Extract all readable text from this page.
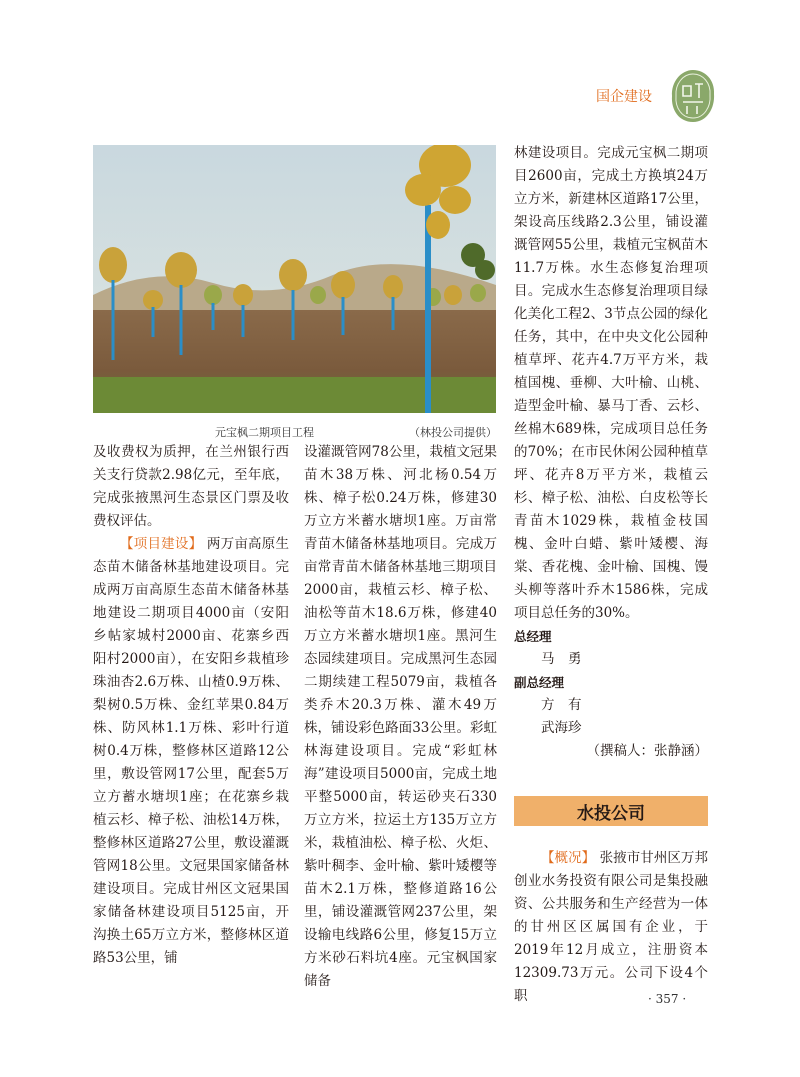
国企建设
元宝枫二期项目工程	（林投公司提供）

及收费权为质押，在兰州银行西关支行贷款2.98亿元，至年底，完成张掖黑河生态景区门票及收费权评估。

【项目建设】 两万亩高原生态苗木储备林基地建设项目。完成两万亩高原生态苗木储备林基地建设二期项目4000亩（安阳乡帖家城村2000亩、花寨乡西阳村2000亩），在安阳乡栽植珍珠油杏2.6万株、山楂0.9万株、梨树0.5万株、金红苹果0.84万株、防风林1.1万株、彩叶行道树0.4万株，整修林区道路12公里，敷设管网17公里，配套5万立方蓄水塘坝1座；在花寨乡栽植云杉、樟子松、油松14万株，整修林区道路27公里，敷设灌溉管网18公里。文冠果国家储备林建设项目。完成甘州区文冠果国家储备林建设项目5125亩，开沟换土65万立方米，整修林区道路53公里，铺

设灌溉管网78公里，栽植文冠果苗木38万株、河北杨0.54万株、樟子松0.24万株，修建30万立方米蓄水塘坝1座。万亩常青苗木储备林基地项目。完成万亩常青苗木储备林基地三期项目2000亩，栽植云杉、樟子松、油松等苗木18.6万株，修建40万立方米蓄水塘坝1座。黑河生态园续建项目。完成黑河生态园二期续建工程5079亩，栽植各类乔木20.3万株、灌木49万株，铺设彩色路面33公里。彩虹林海建设项目。完成“彩虹林海”建设项目5000亩，完成土地平整5000亩，转运砂夹石330万立方米，拉运土方135万立方米，栽植油松、樟子松、火炬、紫叶稠李、金叶榆、紫叶矮樱等苗木2.1万株，整修道路16公里，铺设灌溉管网237公里，架设输电线路6公里，修复15万立方米砂石料坑4座。元宝枫国家储备

林建设项目。完成元宝枫二期项目2600亩，完成土方换填24万立方米，新建林区道路17公里，架设高压线路2.3公里，铺设灌溉管网55公里，栽植元宝枫苗木11.7万株。水生态修复治理项目。完成水生态修复治理项目绿化美化工程2、3节点公园的绿化任务，其中，在中央文化公园种植草坪、花卉4.7万平方米，栽植国槐、垂柳、大叶榆、山桃、造型金叶榆、暴马丁香、云杉、丝棉木689株，完成项目总任务的70%；在市民休闲公园种植草坪、花卉8万平方米，栽植云杉、樟子松、油松、白皮松等长青苗木1029株，栽植金枝国槐、金叶白蜡、紫叶矮樱、海棠、香花槐、金叶榆、国槐、馒头柳等落叶乔木1586株，完成项目总任务的30%。

总经理

马　勇

副总经理

方　有

武海珍

（撰稿人：张静涵）

水投公司

【概况】 张掖市甘州区万邦创业水务投资有限公司是集投融资、公共服务和生产经营为一体的甘州区区属国有企业，于2019年12月成立，注册资本12309.73万元。公司下设4个职	· 357 ·
